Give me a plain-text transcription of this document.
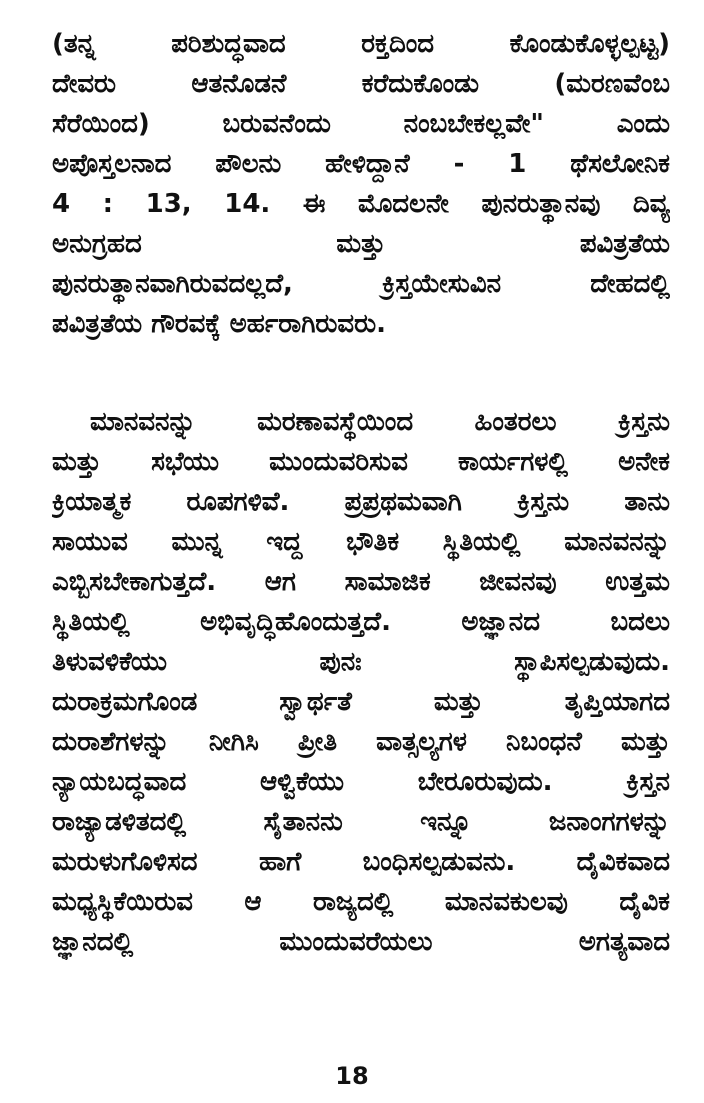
(ತನ್ನ ಪರಿಶುದ್ಧವಾದ ರಕ್ತದಿಂದ ಕೊಂಡುಕೊಳ್ಳಲ್ಪಟ್ಟ)
ದೇವರು ಆತನೊಡನೆ ಕರೆದುಕೊಂಡು (ಮರಣವೆಂಬ
ಸೆರೆಯಿಂದ) ಬರುವನೆಂದು ನಂಬಬೇಕಲ್ಲವೇ" ಎಂದು
ಅಪೊಸ್ತಲನಾದ ಪೌಲನು ಹೇಳಿದ್ದಾನೆ - 1 ಥೆಸಲೋನಿಕ
4 : 13, 14. ಈ ಮೊದಲನೇ ಪುನರುತ್ಥಾನವು ದಿವ್ಯ
ಅನುಗ್ರಹದ ಮತ್ತು ಪವಿತ್ರತೆಯ
ಪುನರುತ್ಥಾನವಾಗಿರುವದಲ್ಲದೆ, ಕ್ರಿಸ್ತಯೇಸುವಿನ ದೇಹದಲ್ಲಿ
ಪವಿತ್ರತೆಯ ಗೌರವಕ್ಕೆ ಅರ್ಹರಾಗಿರುವರು.
ಮಾನವನನ್ನು ಮರಣಾವಸ್ಥೆಯಿಂದ ಹಿಂತರಲು ಕ್ರಿಸ್ತನು
ಮತ್ತು ಸಭೆಯು ಮುಂದುವರಿಸುವ ಕಾರ್ಯಗಳಲ್ಲಿ ಅನೇಕ
ಕ್ರಿಯಾತ್ಮಕ ರೂಪಗಳಿವೆ. ಪ್ರಪ್ರಥಮವಾಗಿ ಕ್ರಿಸ್ತನು ತಾನು
ಸಾಯುವ ಮುನ್ನ ಇದ್ದ ಭೌತಿಕ ಸ್ಥಿತಿಯಲ್ಲಿ ಮಾನವನನ್ನು
ಎಬ್ಬಿಸಬೇಕಾಗುತ್ತದೆ. ಆಗ ಸಾಮಾಜಿಕ ಜೀವನವು ಉತ್ತಮ
ಸ್ಥಿತಿಯಲ್ಲಿ ಅಭಿವೃದ್ಧಿಹೊಂದುತ್ತದೆ. ಅಜ್ಞಾನದ ಬದಲು
ತಿಳುವಳಿಕೆಯು ಪುನಃ ಸ್ಥಾಪಿಸಲ್ಪಡುವುದು.
ದುರಾಕ್ರಮಗೊಂಡ ಸ್ವಾರ್ಥತೆ ಮತ್ತು ತೃಪ್ತಿಯಾಗದ
ದುರಾಶೆಗಳನ್ನು ನೀಗಿಸಿ ಪ್ರೀತಿ ವಾತ್ಸಲ್ಯಗಳ ನಿಬಂಧನೆ ಮತ್ತು
ನ್ಯಾಯಬದ್ಧವಾದ ಆಳ್ವಿಕೆಯು ಬೇರೂರುವುದು. ಕ್ರಿಸ್ತನ
ರಾಜ್ಯಾಡಳಿತದಲ್ಲಿ ಸೈತಾನನು ಇನ್ನೂ ಜನಾಂಗಗಳನ್ನು
ಮರುಳುಗೊಳಿಸದ ಹಾಗೆ ಬಂಧಿಸಲ್ಪಡುವನು. ದೈವಿಕವಾದ
ಮಧ್ಯಸ್ಥಿಕೆಯಿರುವ ಆ ರಾಜ್ಯದಲ್ಲಿ ಮಾನವಕುಲವು ದೈವಿಕ
ಜ್ಞಾನದಲ್ಲಿ ಮುಂದುವರೆಯಲು ಅಗತ್ಯವಾದ
18
